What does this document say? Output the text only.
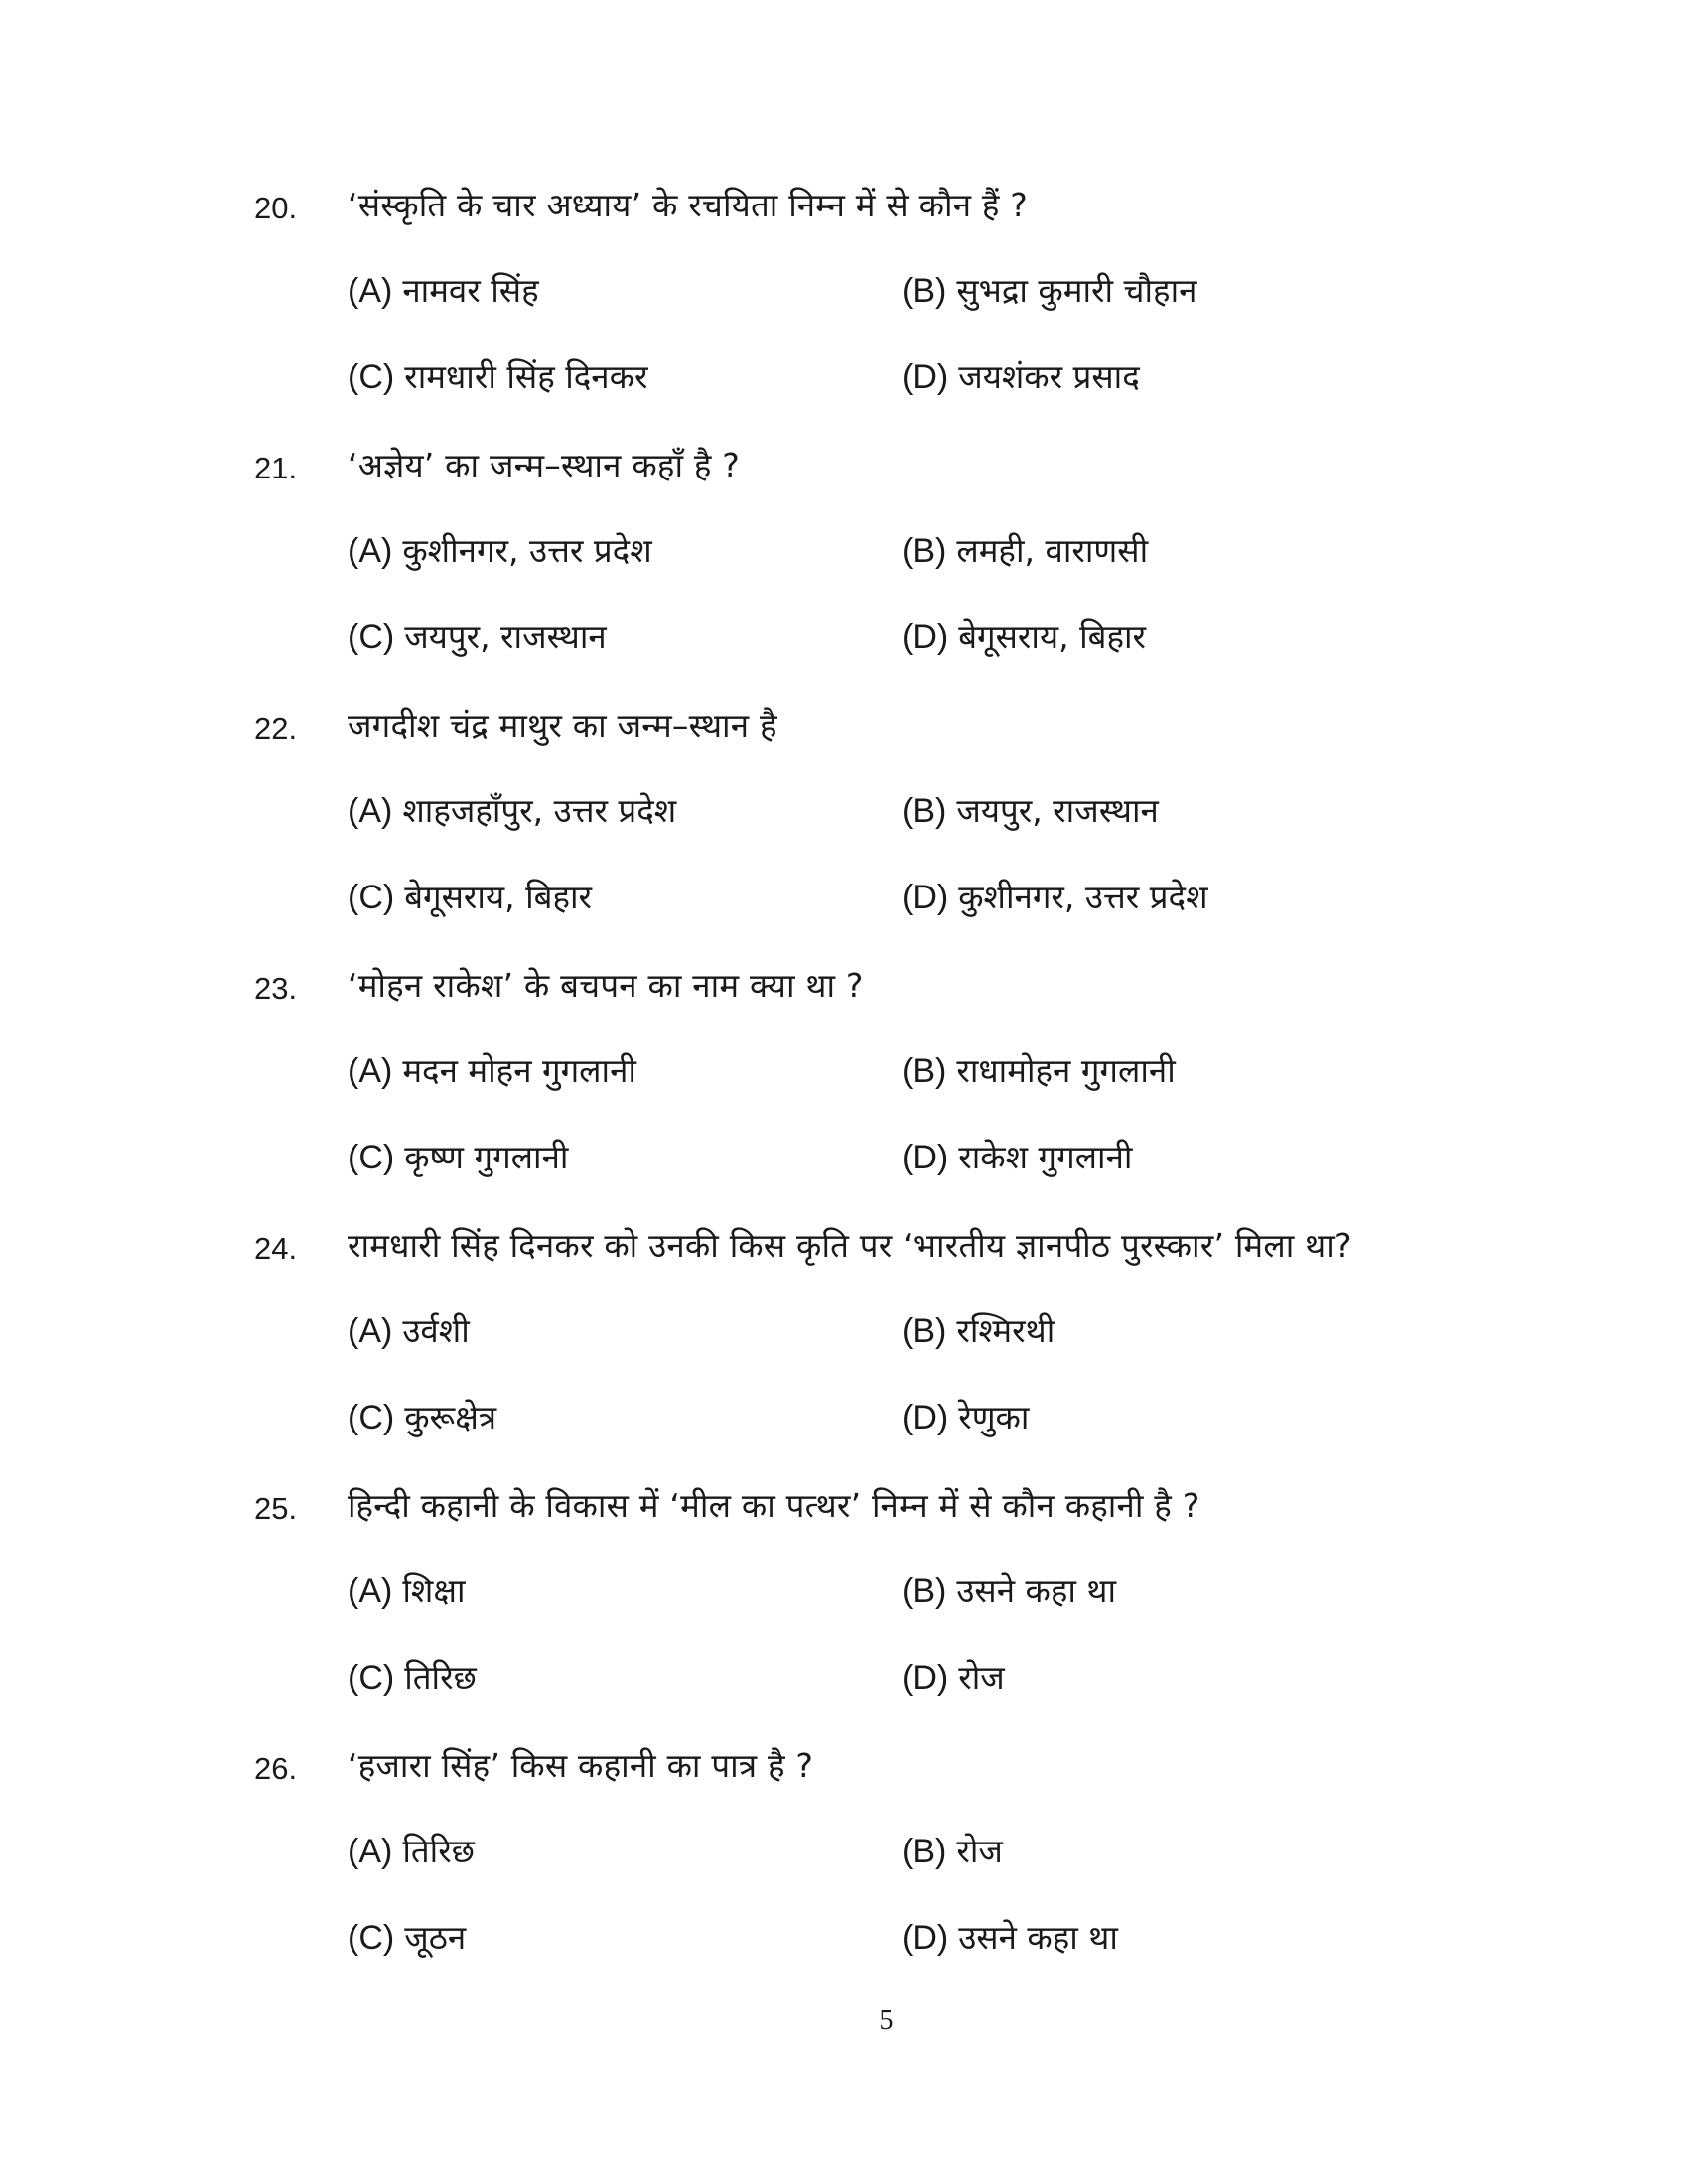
20. ‘संस्कृति के चार अध्याय’ के रचयिता निम्न में से कौन हैं ?
(A) नामवर सिंह	(B) सुभद्रा कुमारी चौहान
(C) रामधारी सिंह दिनकर	(D) जयशंकर प्रसाद
21. ‘अज्ञेय’ का जन्म–स्थान कहाँ है ?
(A) कुशीनगर, उत्तर प्रदेश	(B) लमही, वाराणसी
(C) जयपुर, राजस्थान	(D) बेगूसराय, बिहार
22. जगदीश चंद्र माथुर का जन्म–स्थान है
(A) शाहजहाँपुर, उत्तर प्रदेश	(B) जयपुर, राजस्थान
(C) बेगूसराय, बिहार	(D) कुशीनगर, उत्तर प्रदेश
23. ‘मोहन राकेश’ के बचपन का नाम क्या था ?
(A) मदन मोहन गुगलानी	(B) राधामोहन गुगलानी
(C) कृष्ण गुगलानी	(D) राकेश गुगलानी
24. रामधारी सिंह दिनकर को उनकी किस कृति पर ‘भारतीय ज्ञानपीठ पुरस्कार’ मिला था?
(A) उर्वशी	(B) रश्मिरथी
(C) कुरूक्षेत्र	(D) रेणुका
25. हिन्दी कहानी के विकास में ‘मील का पत्थर’ निम्न में से कौन कहानी है ?
(A) शिक्षा	(B) उसने कहा था
(C) तिरिछ	(D) रोज
26. ‘हजारा सिंह’ किस कहानी का पात्र है ?
(A) तिरिछ	(B) रोज
(C) जूठन	(D) उसने कहा था
5
